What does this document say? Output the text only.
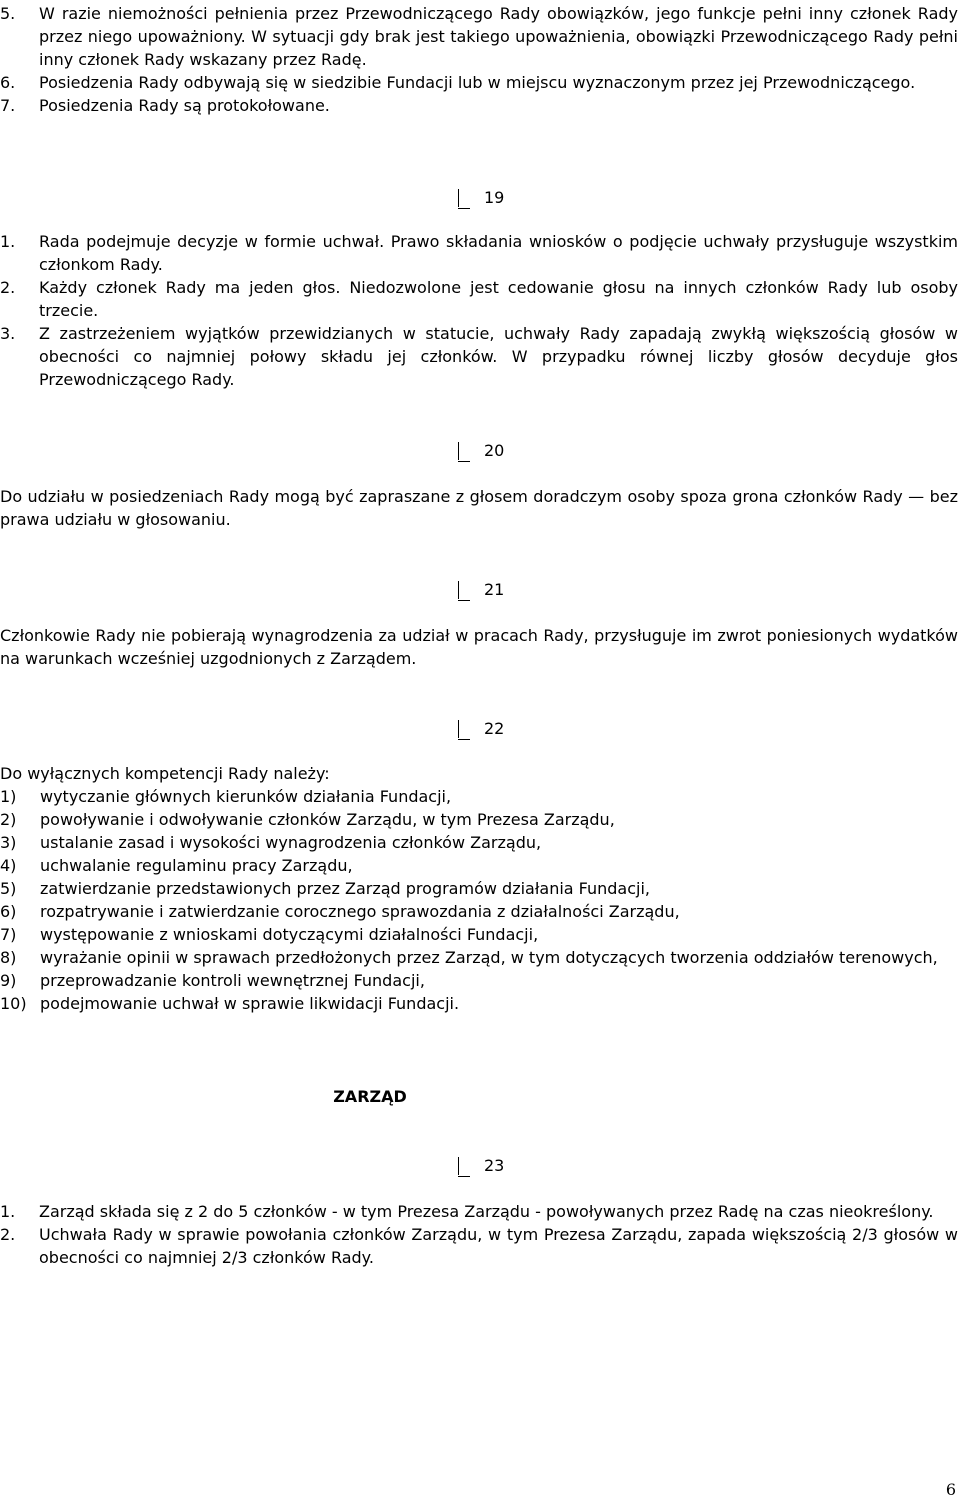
5.	W razie niemożności pełnienia przez Przewodniczącego Rady obowiązków, jego funkcje pełni inny członek Rady przez niego upoważniony. W sytuacji gdy brak jest takiego upoważnienia, obowiązki Przewodniczącego Rady pełni inny członek Rady wskazany przez Radę.
6.	Posiedzenia Rady odbywają się w siedzibie Fundacji lub w miejscu wyznaczonym przez jej Przewodniczącego.
7.	Posiedzenia Rady są protokołowane.
19
1.	Rada podejmuje decyzje w formie uchwał. Prawo składania wniosków o podjęcie uchwały przysługuje wszystkim członkom Rady.
2.	Każdy członek Rady ma jeden głos. Niedozwolone jest cedowanie głosu na innych członków Rady lub osoby trzecie.
3.	Z zastrzeżeniem wyjątków przewidzianych w statucie, uchwały Rady zapadają zwykłą większością głosów w obecności co najmniej połowy składu jej członków. W przypadku równej liczby głosów decyduje głos Przewodniczącego Rady.
20
Do udziału w posiedzeniach Rady mogą być zapraszane z głosem doradczym osoby spoza grona członków Rady — bez prawa udziału w głosowaniu.
21
Członkowie Rady nie pobierają wynagrodzenia za udział w pracach Rady, przysługuje im zwrot poniesionych wydatków na warunkach wcześniej uzgodnionych z Zarządem.
22
Do wyłącznych kompetencji Rady należy:
1)	wytyczanie głównych kierunków działania Fundacji,
2)	powoływanie i odwoływanie członków Zarządu, w tym Prezesa Zarządu,
3)	ustalanie zasad i wysokości wynagrodzenia członków Zarządu,
4)	uchwalanie regulaminu pracy Zarządu,
5)	zatwierdzanie przedstawionych przez Zarząd programów działania Fundacji,
6)	rozpatrywanie i zatwierdzanie corocznego sprawozdania z działalności Zarządu,
7)	występowanie z wnioskami dotyczącymi działalności Fundacji,
8)	wyrażanie opinii w sprawach przedłożonych przez Zarząd, w tym dotyczących tworzenia oddziałów terenowych,
9)	przeprowadzanie kontroli wewnętrznej Fundacji,
10) podejmowanie uchwał w sprawie likwidacji Fundacji.
ZARZĄD
23
1.	Zarząd składa się z 2 do 5 członków - w tym Prezesa Zarządu - powoływanych przez Radę na czas nieokreślony.
2.	Uchwała Rady w sprawie powołania członków Zarządu, w tym Prezesa Zarządu, zapada większością 2/3 głosów w obecności co najmniej 2/3 członków Rady.
6
